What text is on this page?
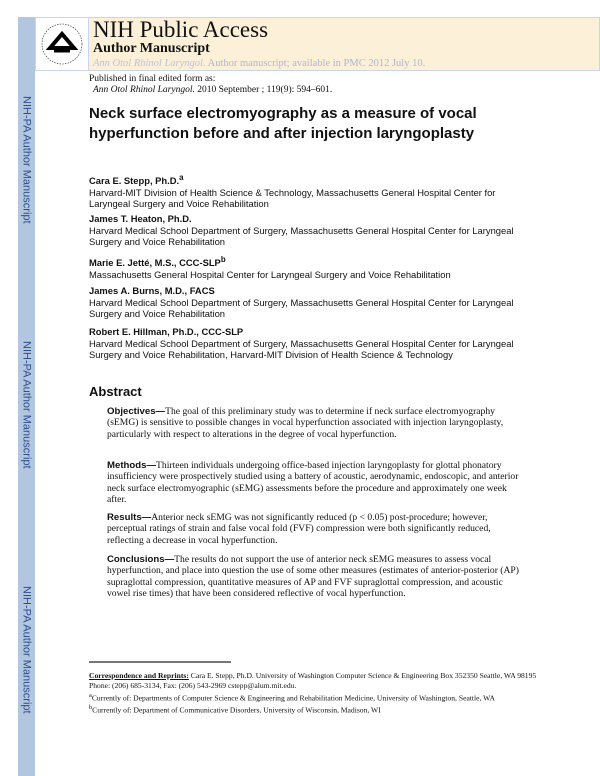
NIH-PA Author Manuscript
NIH-PA Author Manuscript
NIH-PA Author Manuscript
NIH Public Access
Author Manuscript
Ann Otol Rhinol Laryngol. Author manuscript; available in PMC 2012 July 10.
Published in final edited form as:
Ann Otol Rhinol Laryngol. 2010 September ; 119(9): 594–601.
Neck surface electromyography as a measure of vocal hyperfunction before and after injection laryngoplasty
Cara E. Stepp, Ph.D.$^a$
Harvard-MIT Division of Health Science & Technology, Massachusetts General Hospital Center for Laryngeal Surgery and Voice Rehabilitation
James T. Heaton, Ph.D.
Harvard Medical School Department of Surgery, Massachusetts General Hospital Center for Laryngeal Surgery and Voice Rehabilitation
Marie E. Jetté, M.S., CCC-SLP$^b$
Massachusetts General Hospital Center for Laryngeal Surgery and Voice Rehabilitation
James A. Burns, M.D., FACS
Harvard Medical School Department of Surgery, Massachusetts General Hospital Center for Laryngeal Surgery and Voice Rehabilitation
Robert E. Hillman, Ph.D., CCC-SLP
Harvard Medical School Department of Surgery, Massachusetts General Hospital Center for Laryngeal Surgery and Voice Rehabilitation, Harvard-MIT Division of Health Science & Technology
Abstract
Objectives—The goal of this preliminary study was to determine if neck surface electromyography (sEMG) is sensitive to possible changes in vocal hyperfunction associated with injection laryngoplasty, particularly with respect to alterations in the degree of vocal hyperfunction.
Methods—Thirteen individuals undergoing office-based injection laryngoplasty for glottal phonatory insufficiency were prospectively studied using a battery of acoustic, aerodynamic, endoscopic, and anterior neck surface electromyographic (sEMG) assessments before the procedure and approximately one week after.
Results—Anterior neck sEMG was not significantly reduced (p < 0.05) post-procedure; however, perceptual ratings of strain and false vocal fold (FVF) compression were both significantly reduced, reflecting a decrease in vocal hyperfunction.
Conclusions—The results do not support the use of anterior neck sEMG measures to assess vocal hyperfunction, and place into question the use of some other measures (estimates of anterior-posterior (AP) supraglottal compression, quantitative measures of AP and FVF supraglottal compression, and acoustic vowel rise times) that have been considered reflective of vocal hyperfunction.
Correspondence and Reprints: Cara E. Stepp, Ph.D. University of Washington Computer Science & Engineering Box 352350 Seattle, WA 98195 Phone: (206) 685-3134, Fax: (206) 543-2969 cstepp@alum.mit.edu.
$^a$Currently of: Departments of Computer Science & Engineering and Rehabilitation Medicine, University of Washington, Seattle, WA
$^b$Currently of: Department of Communicative Disorders, University of Wisconsin, Madison, WI
